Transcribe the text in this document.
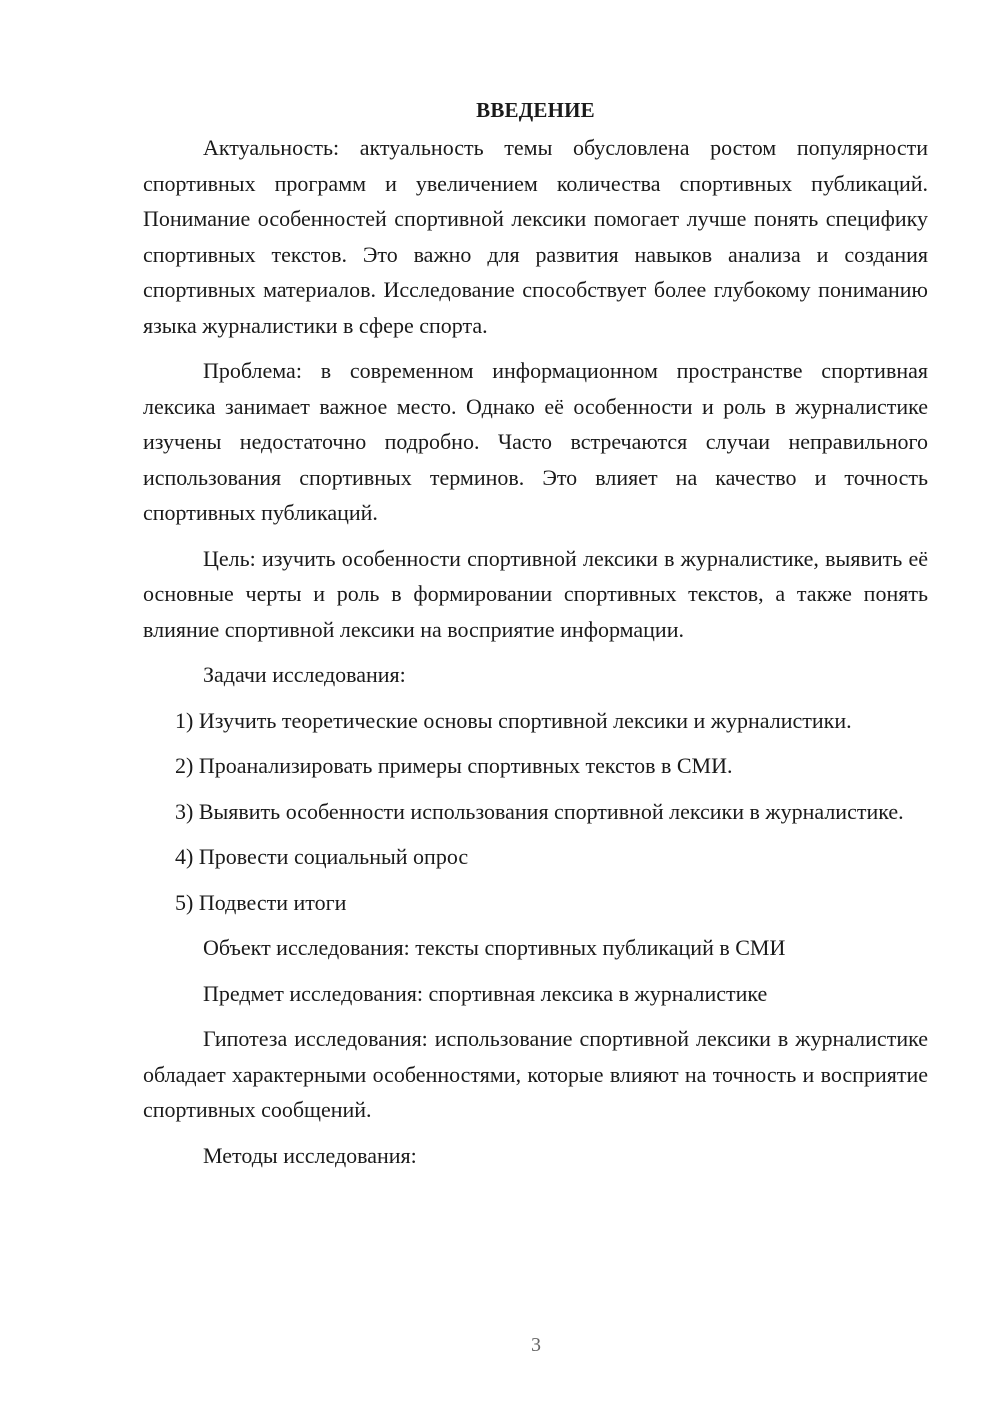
ВВЕДЕНИЕ

Актуальность: актуальность темы обусловлена ростом популярности спортивных программ и увеличением количества спортивных публикаций. Понимание особенностей спортивной лексики помогает лучше понять специфику спортивных текстов. Это важно для развития навыков анализа и создания спортивных материалов. Исследование способствует более глубокому пониманию языка журналистики в сфере спорта.

Проблема: в современном информационном пространстве спортивная лексика занимает важное место. Однако её особенности и роль в журналистике изучены недостаточно подробно. Часто встречаются случаи неправильного использования спортивных терминов. Это влияет на качество и точность спортивных публикаций.

Цель: изучить особенности спортивной лексики в журналистике, выявить её основные черты и роль в формировании спортивных текстов, а также понять влияние спортивной лексики на восприятие информации.

Задачи исследования:

1) Изучить теоретические основы спортивной лексики и журналистики.

2) Проанализировать примеры спортивных текстов в СМИ.

3) Выявить особенности использования спортивной лексики в журналистике.

4) Провести социальный опрос

5) Подвести итоги

Объект исследования: тексты спортивных публикаций в СМИ

Предмет исследования: спортивная лексика в журналистике

Гипотеза исследования: использование спортивной лексики в журналистике обладает характерными особенностями, которые влияют на точность и восприятие спортивных сообщений.

Методы исследования:

3
